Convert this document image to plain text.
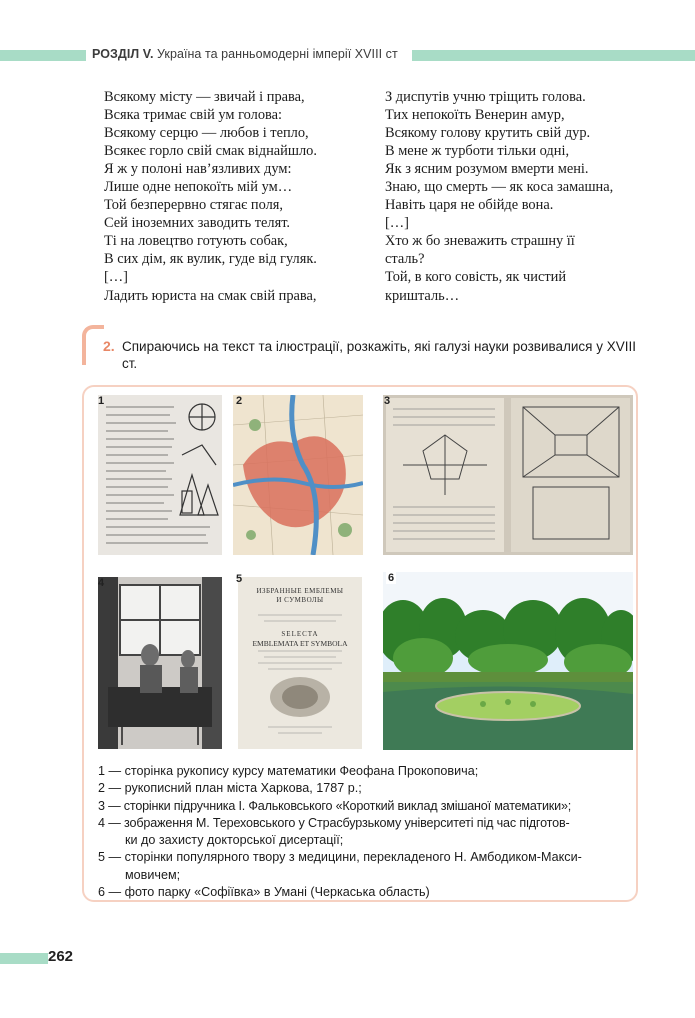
РОЗДІЛ V. Україна та ранньомодерні імперії XVIII ст
Всякому місту — звичай і права,
Всяка тримає свій ум голова:
Всякому серцю — любов і тепло,
Всякеє горло свій смак віднайшло.
Я ж у полоні нав’язливих дум:
Лише одне непокоїть мій ум…
Той безперервно стягає поля,
Сей іноземних заводить телят.
Ті на ловецтво готують собак,
В сих дім, як вулик, гуде від гуляк.
[…]
Ладить юриста на смак свій права,
З диспутів учню тріщить голова.
Тих непокоїть Венерин амур,
Всякому голову крутить свій дур.
В мене ж турботи тільки одні,
Як з ясним розумом вмерти мені.
Знаю, що смерть — як коса замашна,
Навіть царя не обійде вона.
[…]
Хто ж бо зневажить страшну її
сталь?
Той, в кого совість, як чистий
кришталь…
2. Спираючись на текст та ілюстрації, розкажіть, які галузі науки розвивалися у XVIII ст.
1	2	3
4
ИЗБРАННЫЕ ЕМБЛЕМЫ И СУМВОЛЫ
SELECTA
EMBLEMATA ET SYMBOLA
5	6
1 — сторінка рукопису курсу математики Феофана Прокоповича;
2 — рукописний план міста Харкова, 1787 р.;
3 — сторінки підручника І. Фальковського «Короткий виклад змішаної математики»;
4 — зображення М. Тереховського у Страсбурзькому університеті під час підготов-
ки до захисту докторської дисертації;
5 — сторінки популярного твору з медицини, перекладеного Н. Амбодиком-Макси-
мовичем;
6 — фото парку «Софіївка» в Умані (Черкаська область)
262
